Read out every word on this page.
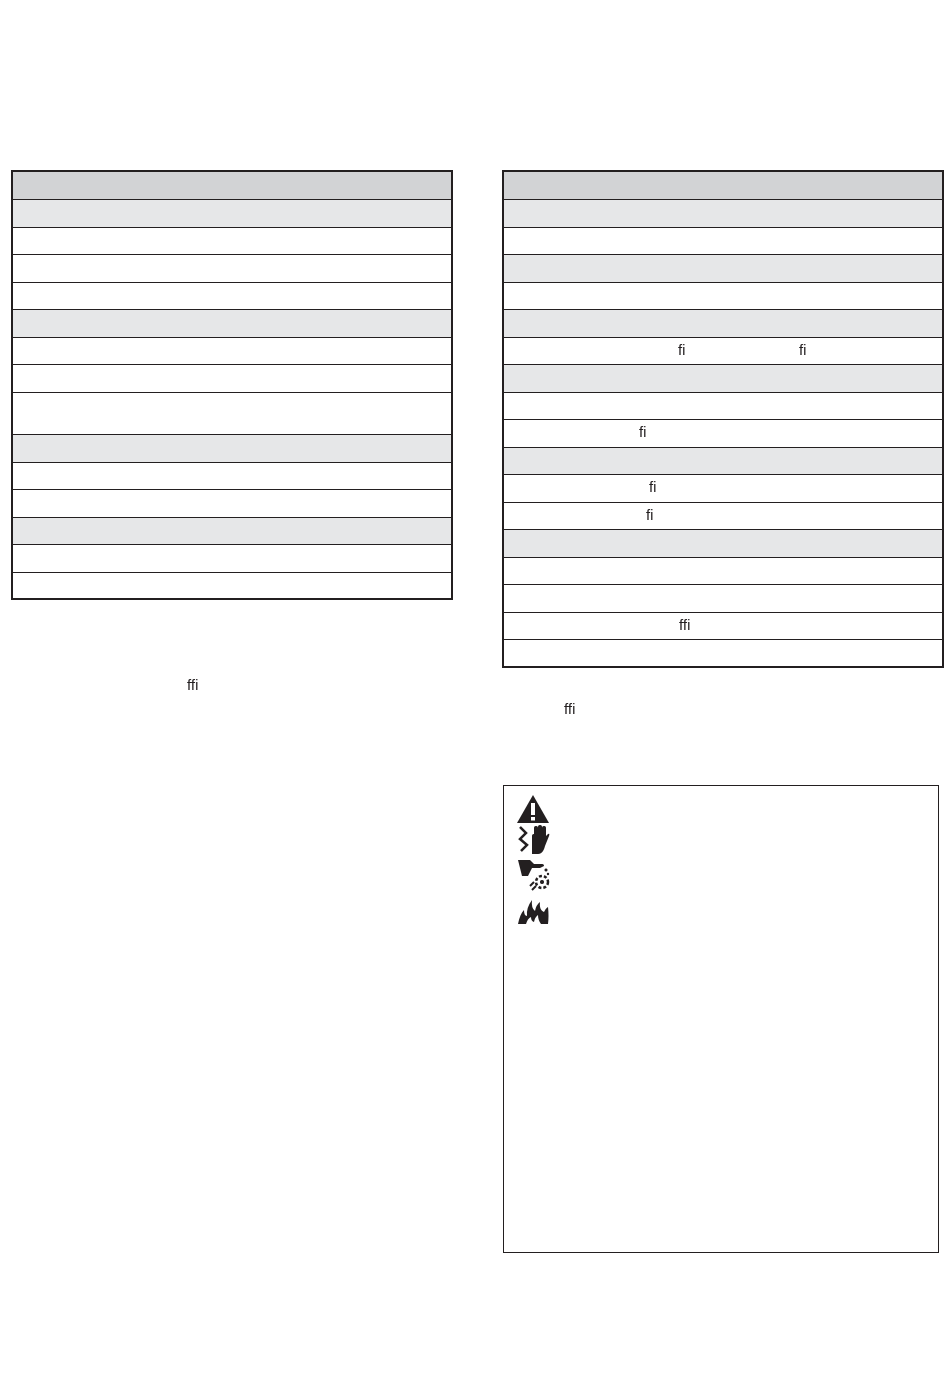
fi	fi

fi

fi

fi

ffi

ffi
ffi
